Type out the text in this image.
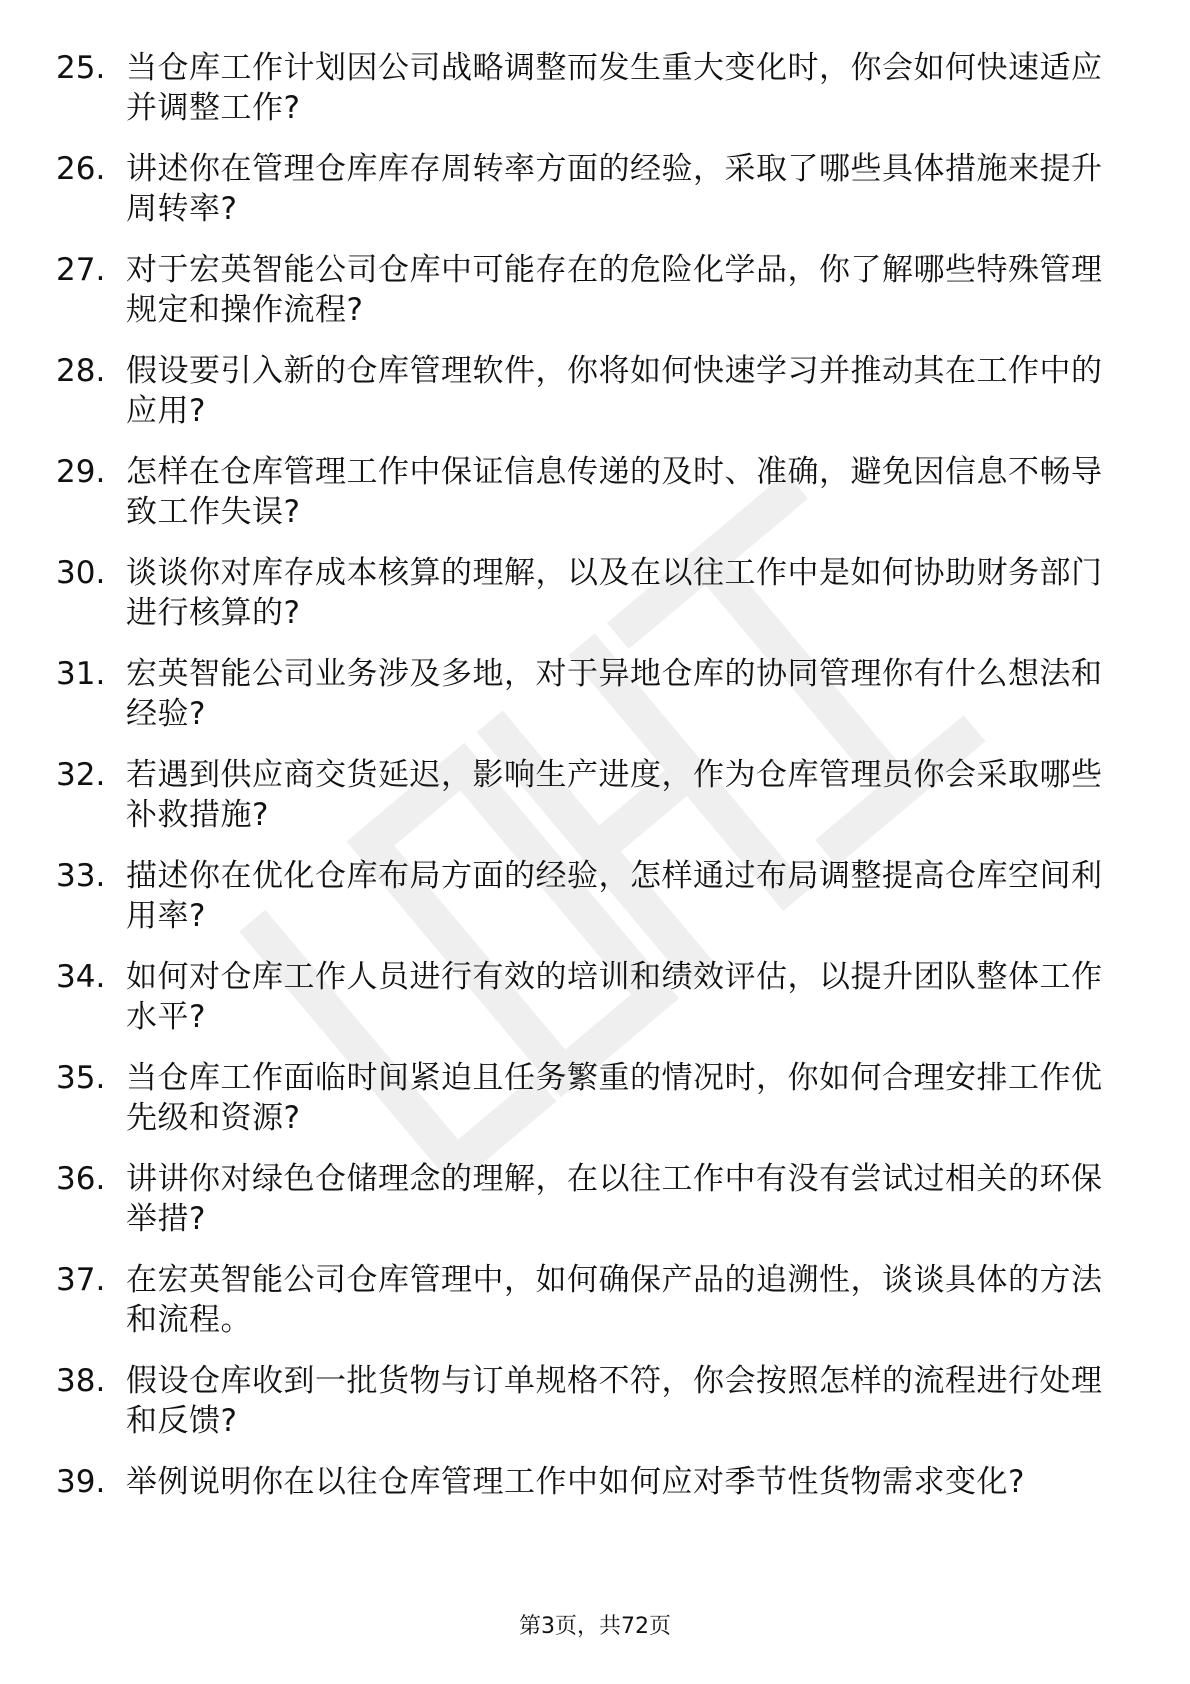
25. 当仓库工作计划因公司战略调整而发生重大变化时，你会如何快速适应并调整工作?
26. 讲述你在管理仓库库存周转率方面的经验，采取了哪些具体措施来提升周转率?
27. 对于宏英智能公司仓库中可能存在的危险化学品，你了解哪些特殊管理规定和操作流程?
28. 假设要引入新的仓库管理软件，你将如何快速学习并推动其在工作中的应用?
29. 怎样在仓库管理工作中保证信息传递的及时、准确，避免因信息不畅导致工作失误?
30. 谈谈你对库存成本核算的理解，以及在以往工作中是如何协助财务部门进行核算的?
31. 宏英智能公司业务涉及多地，对于异地仓库的协同管理你有什么想法和经验?
32. 若遇到供应商交货延迟，影响生产进度，作为仓库管理员你会采取哪些补救措施?
33. 描述你在优化仓库布局方面的经验，怎样通过布局调整提高仓库空间利用率?
34. 如何对仓库工作人员进行有效的培训和绩效评估，以提升团队整体工作水平?
35. 当仓库工作面临时间紧迫且任务繁重的情况时，你如何合理安排工作优先级和资源?
36. 讲讲你对绿色仓储理念的理解，在以往工作中有没有尝试过相关的环保举措?
37. 在宏英智能公司仓库管理中，如何确保产品的追溯性，谈谈具体的方法和流程。
38. 假设仓库收到一批货物与订单规格不符，你会按照怎样的流程进行处理和反馈?
39. 举例说明你在以往仓库管理工作中如何应对季节性货物需求变化?
第3页，共72页
